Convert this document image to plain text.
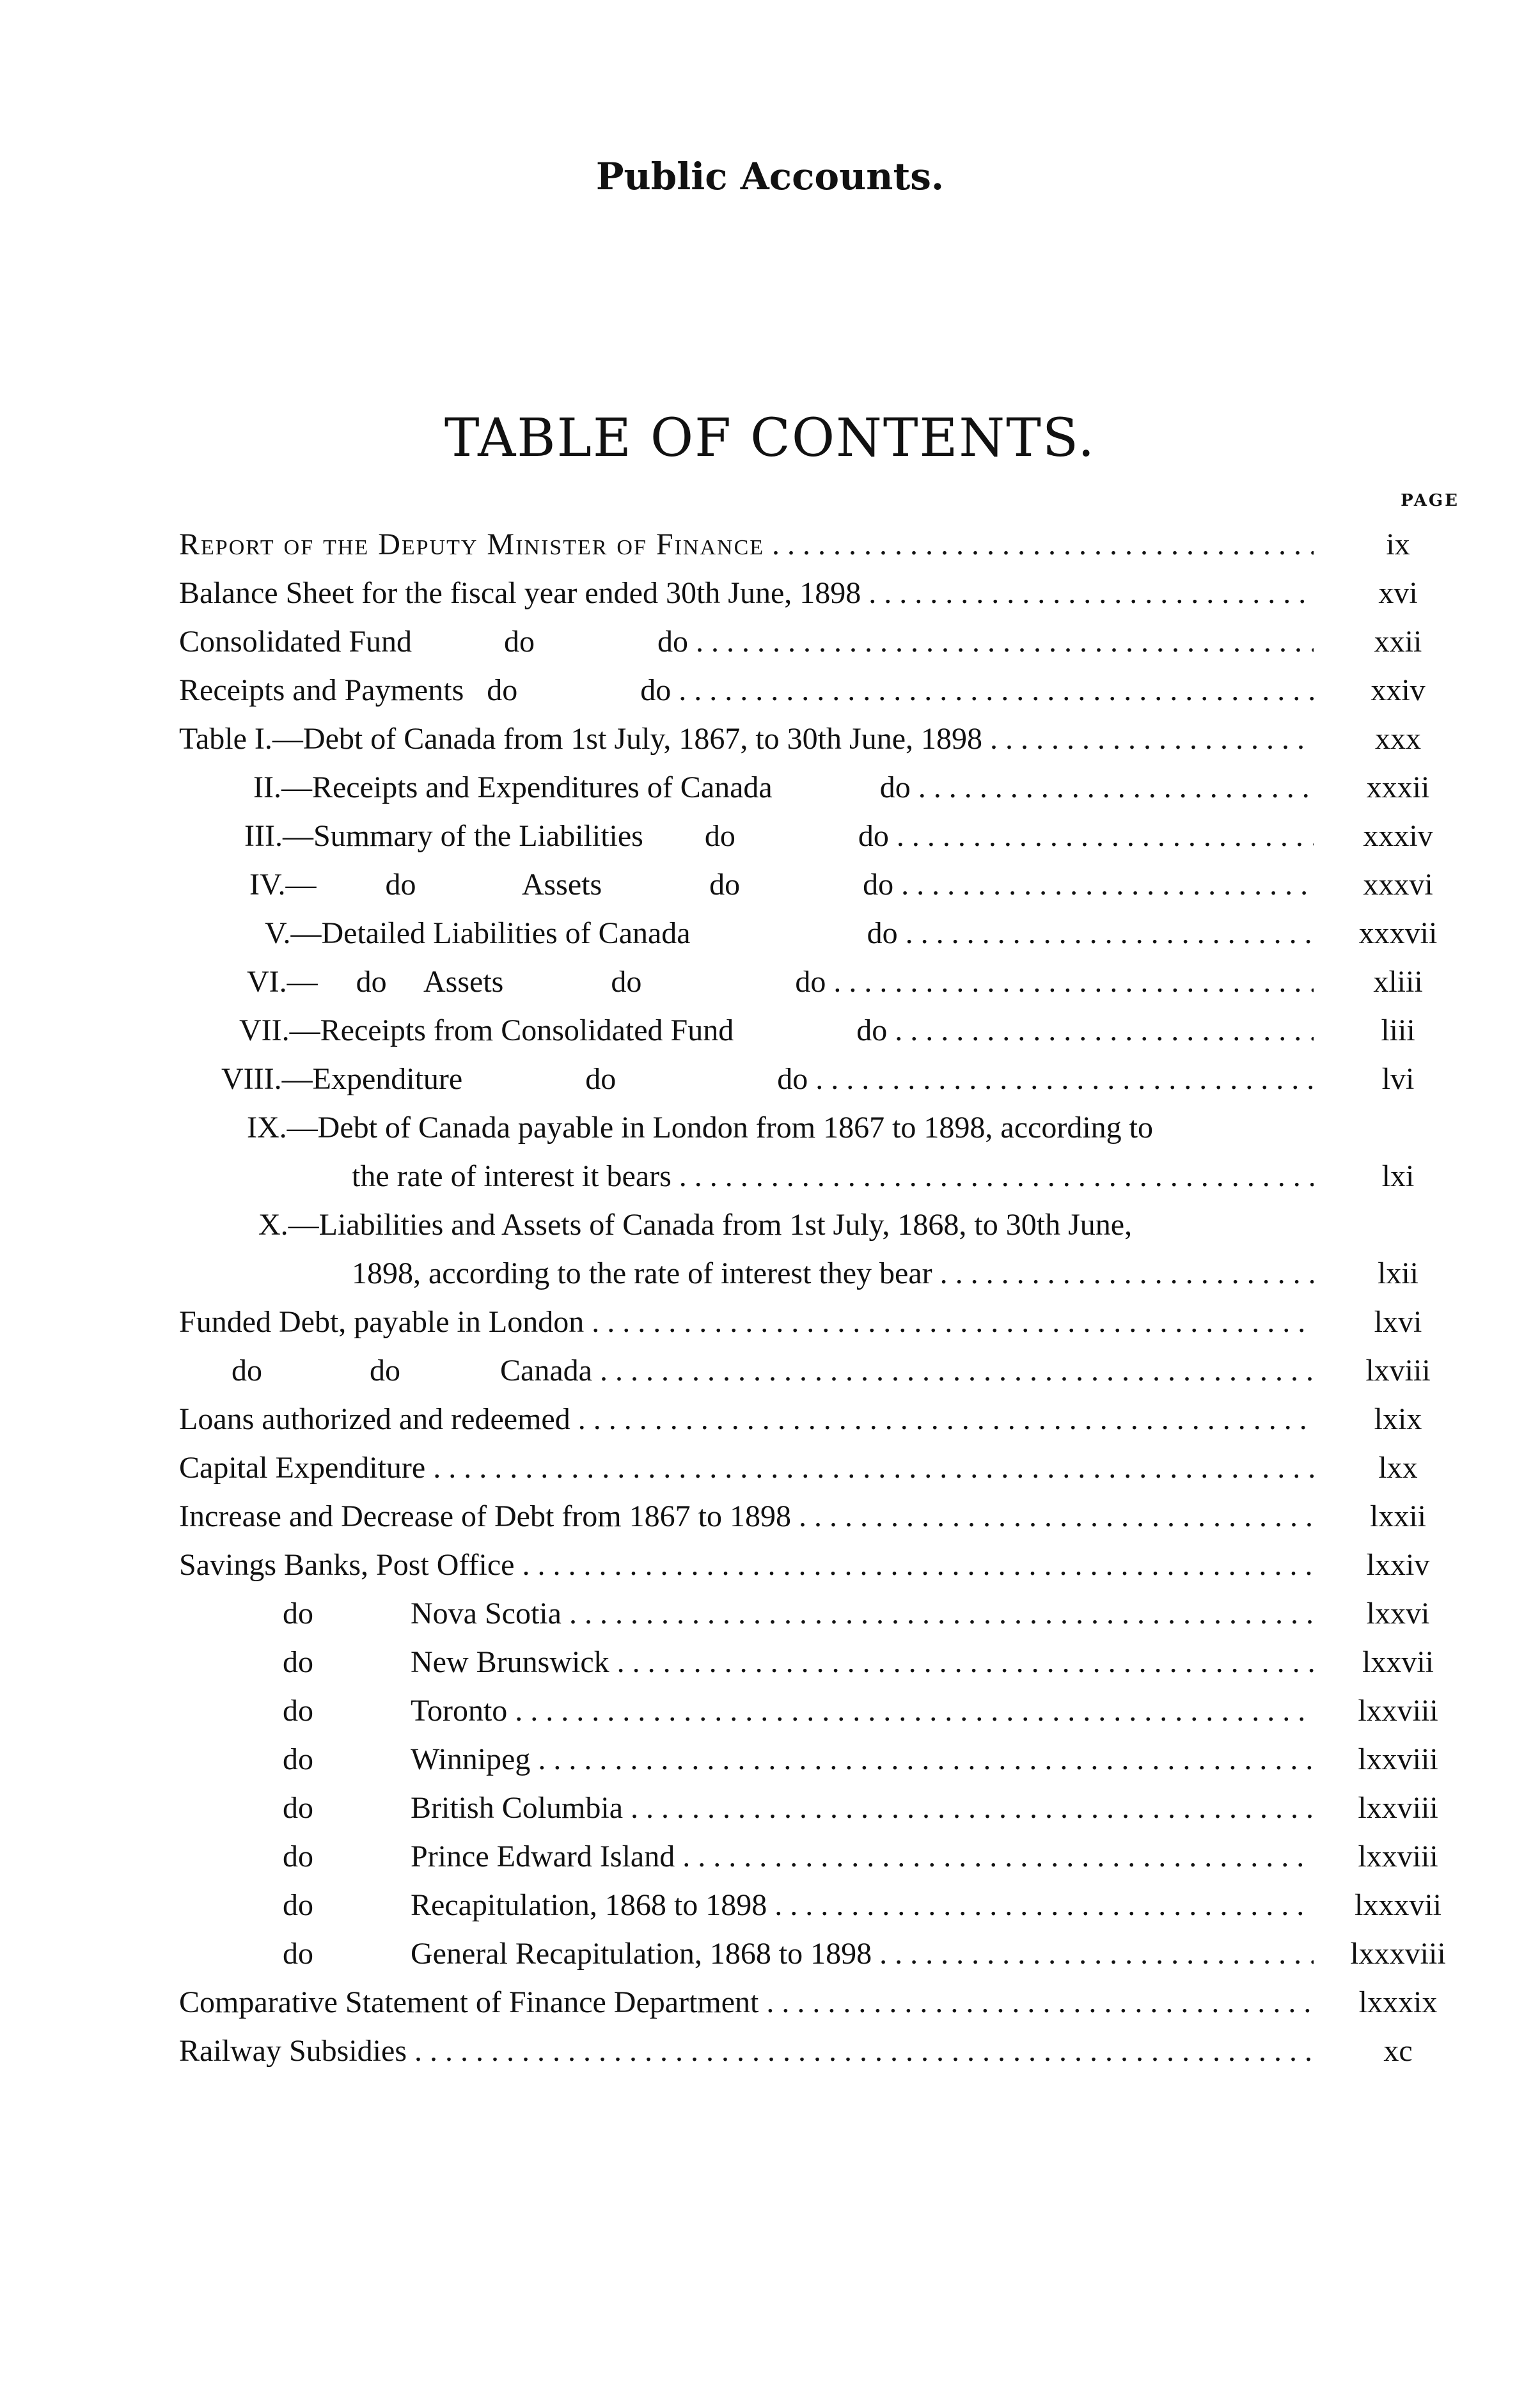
Public Accounts.
TABLE OF CONTENTS.
PAGE
Report of the Deputy Minister of Finance . . .	ix
Balance Sheet for the fiscal year ended 30th June, 1898 . . .	xvi
Consolidated Fund            do                do . . .	xxii
Receipts and Payments   do                do . . .	xxiv
Table I.—Debt of Canada from 1st July, 1867, to 30th June, 1898 . . .	xxx
II.—Receipts and Expenditures of Canada              do . . .	xxxii
III.—Summary of the Liabilities        do                do . . .	xxxiv
IV.—         do              Assets              do                do . . .	xxxvi
V.—Detailed Liabilities of Canada                       do . . .	xxxvii
VI.—     do     Assets              do                    do . . .	xliii
VII.—Receipts from Consolidated Fund                do . . .	liii
VIII.—Expenditure                do                     do . . .	lvi
IX.—Debt of Canada payable in London from 1867 to 1898, according to
the rate of interest it bears . . .	lxi
X.—Liabilities and Assets of Canada from 1st July, 1868, to 30th June,
1898, according to the rate of interest they bear . . .	lxii
Funded Debt, payable in London . . .	lxvi
do              do             Canada . . .	lxviii
Loans authorized and redeemed . . .	lxix
Capital Expenditure . . .	lxx
Increase and Decrease of Debt from 1867 to 1898 . . .	lxxii
Savings Banks, Post Office . . .	lxxiv
do	Nova Scotia . . .	lxxvi
do	New Brunswick . . .	lxxvii
do	Toronto . . .	lxxviii
do	Winnipeg . . .	lxxviii
do	British Columbia . . .	lxxviii
do	Prince Edward Island . . .	lxxviii
do	Recapitulation, 1868 to 1898 . . .	lxxxvii
do	General Recapitulation, 1868 to 1898 . . .	lxxxviii
Comparative Statement of Finance Department . . .	lxxxix
Railway Subsidies . . .	xc
